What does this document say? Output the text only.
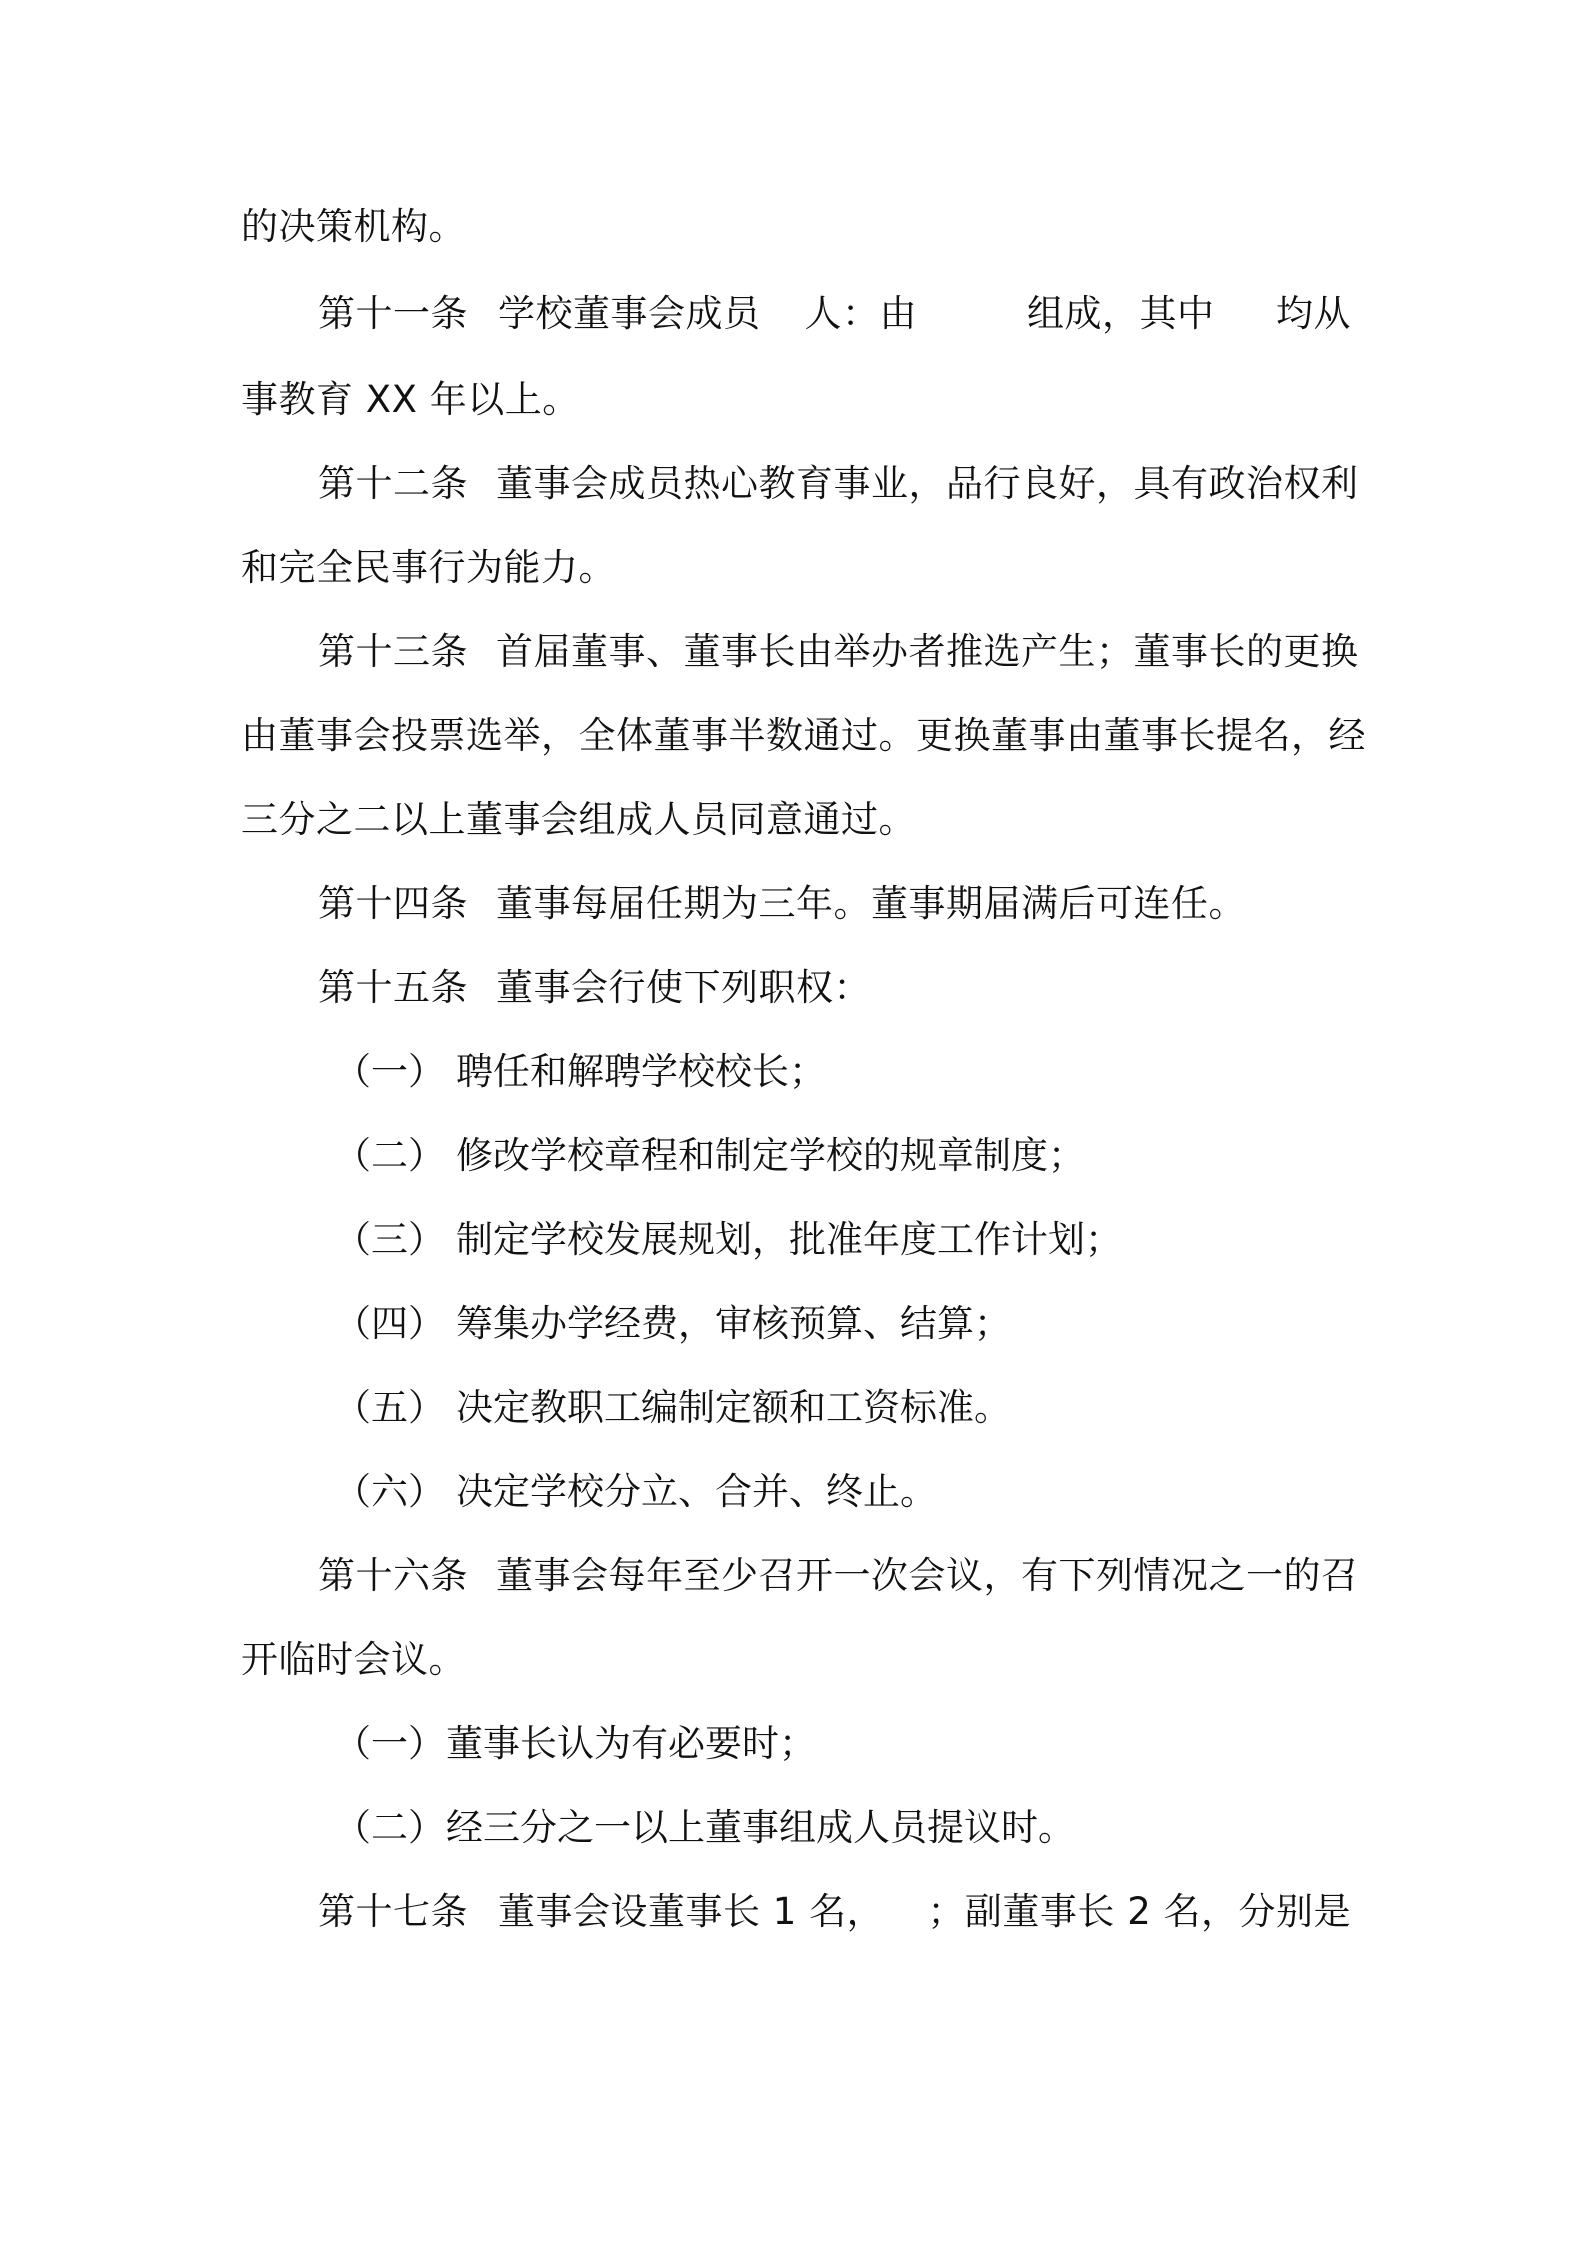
的决策机构。
第十一条 学校董事会成员 人：由	组成，其中 均从
事教育 XX 年以上。
第十二条 董事会成员热心教育事业，品行良好，具有政治权利
和完全民事行为能力。
第十三条 首届董事、董事长由举办者推选产生；董事长的更换
由董事会投票选举，全体董事半数通过。更换董事由董事长提名，经
三分之二以上董事会组成人员同意通过。
第十四条 董事每届任期为三年。董事期届满后可连任。
第十五条 董事会行使下列职权：
（一） 聘任和解聘学校校长；
（二） 修改学校章程和制定学校的规章制度；
（三） 制定学校发展规划，批准年度工作计划；
（四） 筹集办学经费，审核预算、结算；
（五） 决定教职工编制定额和工资标准。
（六） 决定学校分立、合并、终止。
第十六条 董事会每年至少召开一次会议，有下列情况之一的召
开临时会议。
（一） 董事长认为有必要时；
（二） 经三分之一以上董事组成人员提议时。
第十七条 董事会设董事长 1 名， ；副董事长 2 名，分别是
